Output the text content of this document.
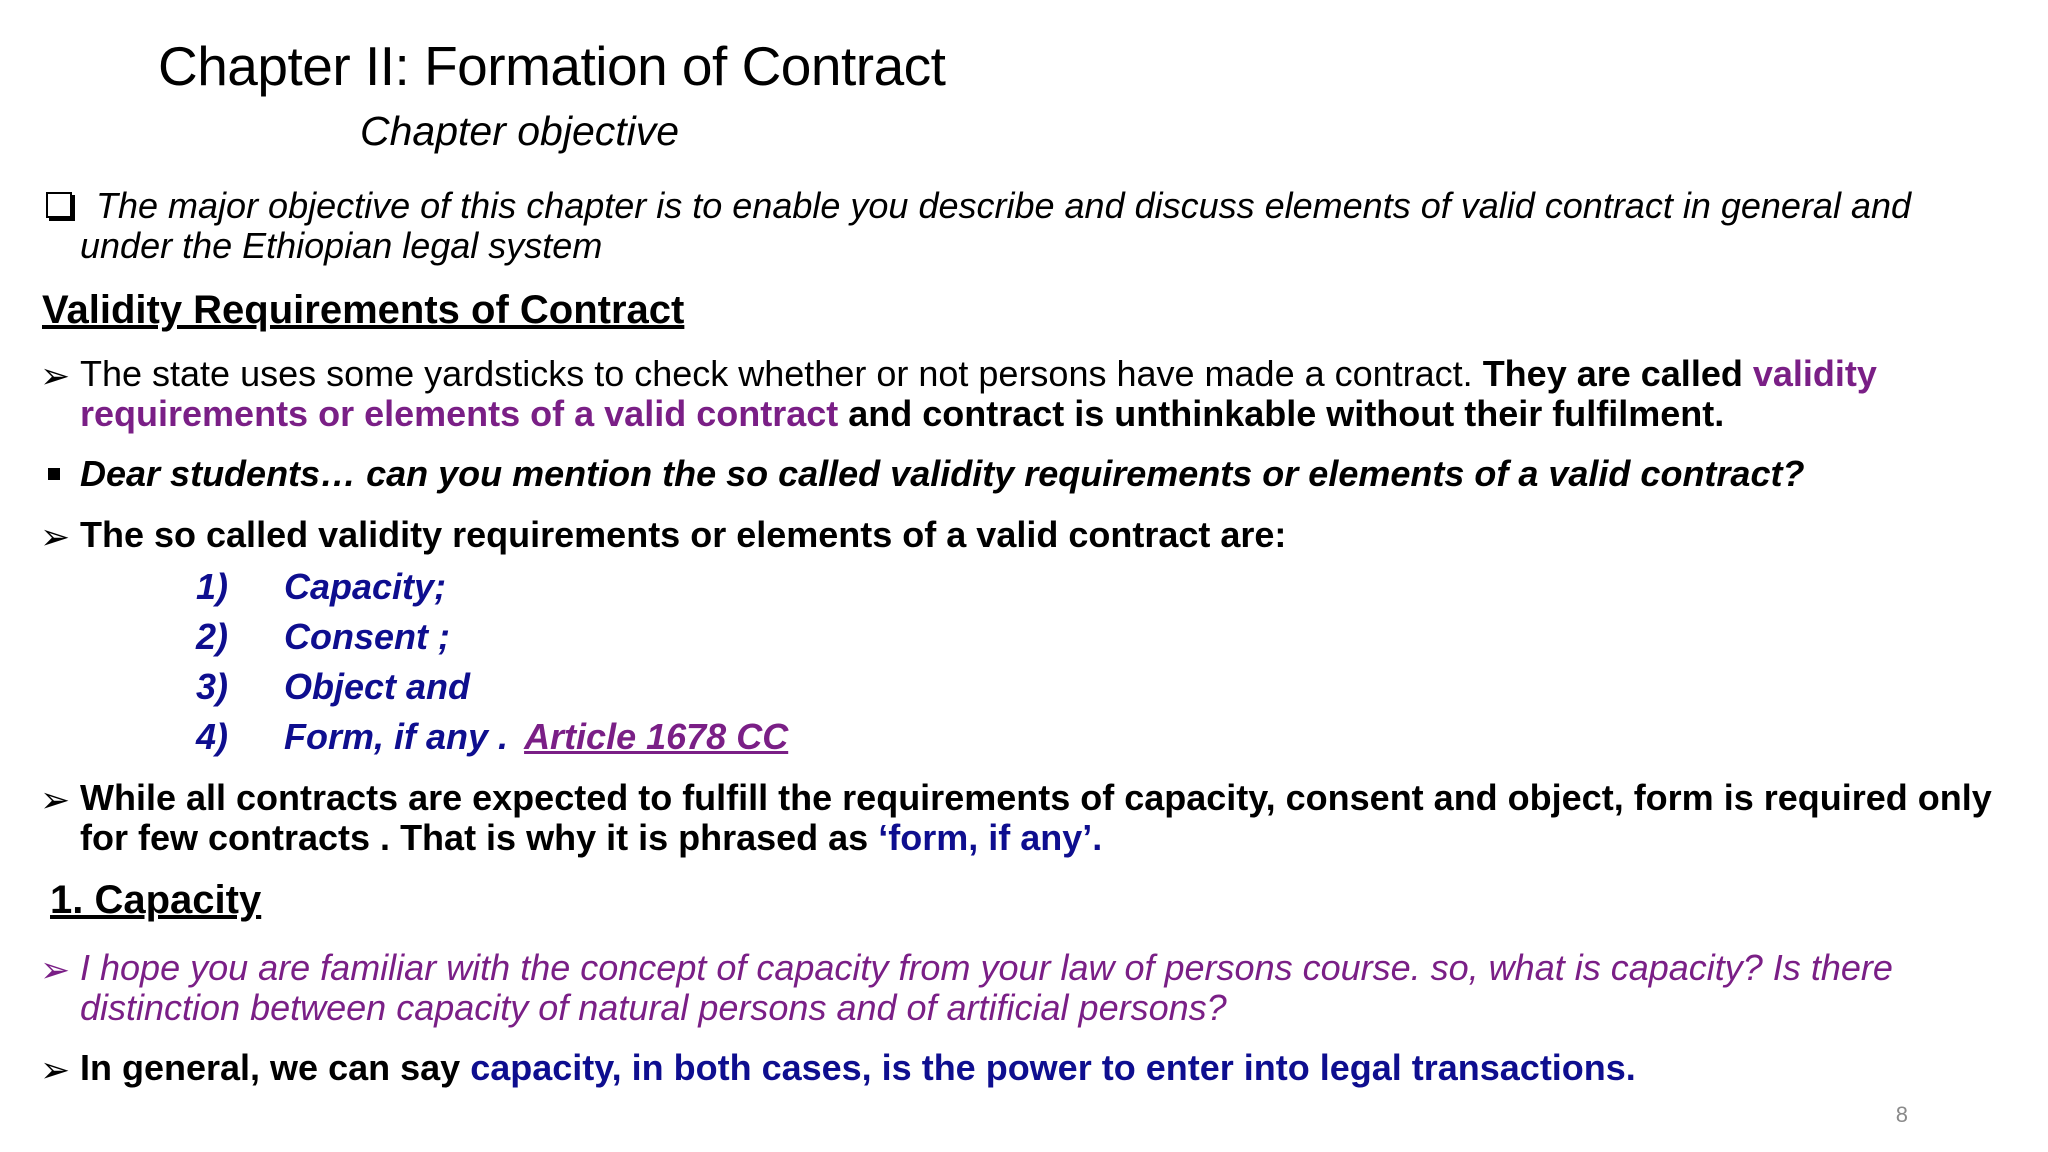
Chapter II: Formation of Contract
Chapter objective
The major objective of this chapter is to enable you describe and discuss elements of valid contract in general and
under the Ethiopian legal system
Validity Requirements of Contract
➢ The state uses some yardsticks to check whether or not persons have made a contract. They are called validity
requirements or elements of a valid contract and contract is unthinkable without their fulfilment.
Dear students… can you mention the so called validity requirements or elements of a valid contract?
➢ The so called validity requirements or elements of a valid contract are:
1) Capacity;
2) Consent ;
3) Object and
4) Form, if any . Article 1678 CC
➢ While all contracts are expected to fulfill the requirements of capacity, consent and object, form is required only
for few contracts . That is why it is phrased as ‘form, if any’.
1. Capacity
➢ I hope you are familiar with the concept of capacity from your law of persons course. so, what is capacity? Is there
distinction between capacity of natural persons and of artificial persons?
➢ In general, we can say capacity, in both cases, is the power to enter into legal transactions.
8
